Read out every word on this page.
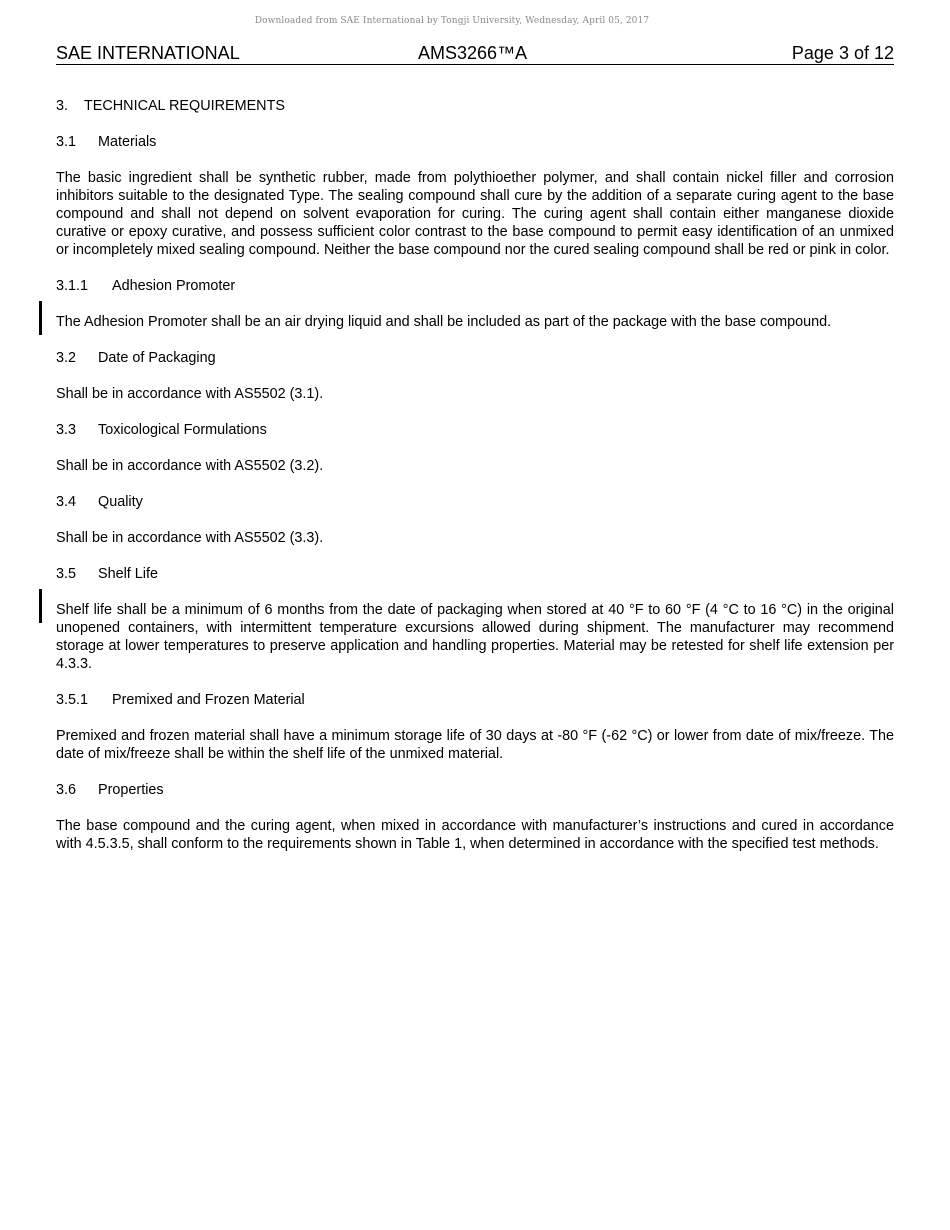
Downloaded from SAE International by Tongji University, Wednesday, April 05, 2017
SAE INTERNATIONAL	AMS3266™A	Page 3 of 12
3. TECHNICAL REQUIREMENTS
3.1 Materials

The basic ingredient shall be synthetic rubber, made from polythioether polymer, and shall contain nickel filler and corrosion inhibitors suitable to the designated Type. The sealing compound shall cure by the addition of a separate curing agent to the base compound and shall not depend on solvent evaporation for curing. The curing agent shall contain either manganese dioxide curative or epoxy curative, and possess sufficient color contrast to the base compound to permit easy identification of an unmixed or incompletely mixed sealing compound. Neither the base compound nor the cured sealing compound shall be red or pink in color.

3.1.1 Adhesion Promoter
The Adhesion Promoter shall be an air drying liquid and shall be included as part of the package with the base compound.
3.2 Date of Packaging

Shall be in accordance with AS5502 (3.1).

3.3 Toxicological Formulations

Shall be in accordance with AS5502 (3.2).

3.4 Quality

Shall be in accordance with AS5502 (3.3).

3.5 Shelf Life
Shelf life shall be a minimum of 6 months from the date of packaging when stored at 40 °F to 60 °F (4 °C to 16 °C) in the original unopened containers, with intermittent temperature excursions allowed during shipment. The manufacturer may recommend storage at lower temperatures to preserve application and handling properties. Material may be retested for shelf life extension per 4.3.3.
3.5.1 Premixed and Frozen Material

Premixed and frozen material shall have a minimum storage life of 30 days at -80 °F (-62 °C) or lower from date of mix/freeze. The date of mix/freeze shall be within the shelf life of the unmixed material.

3.6 Properties

The base compound and the curing agent, when mixed in accordance with manufacturer’s instructions and cured in accordance with 4.5.3.5, shall conform to the requirements shown in Table 1, when determined in accordance with the specified test methods.
